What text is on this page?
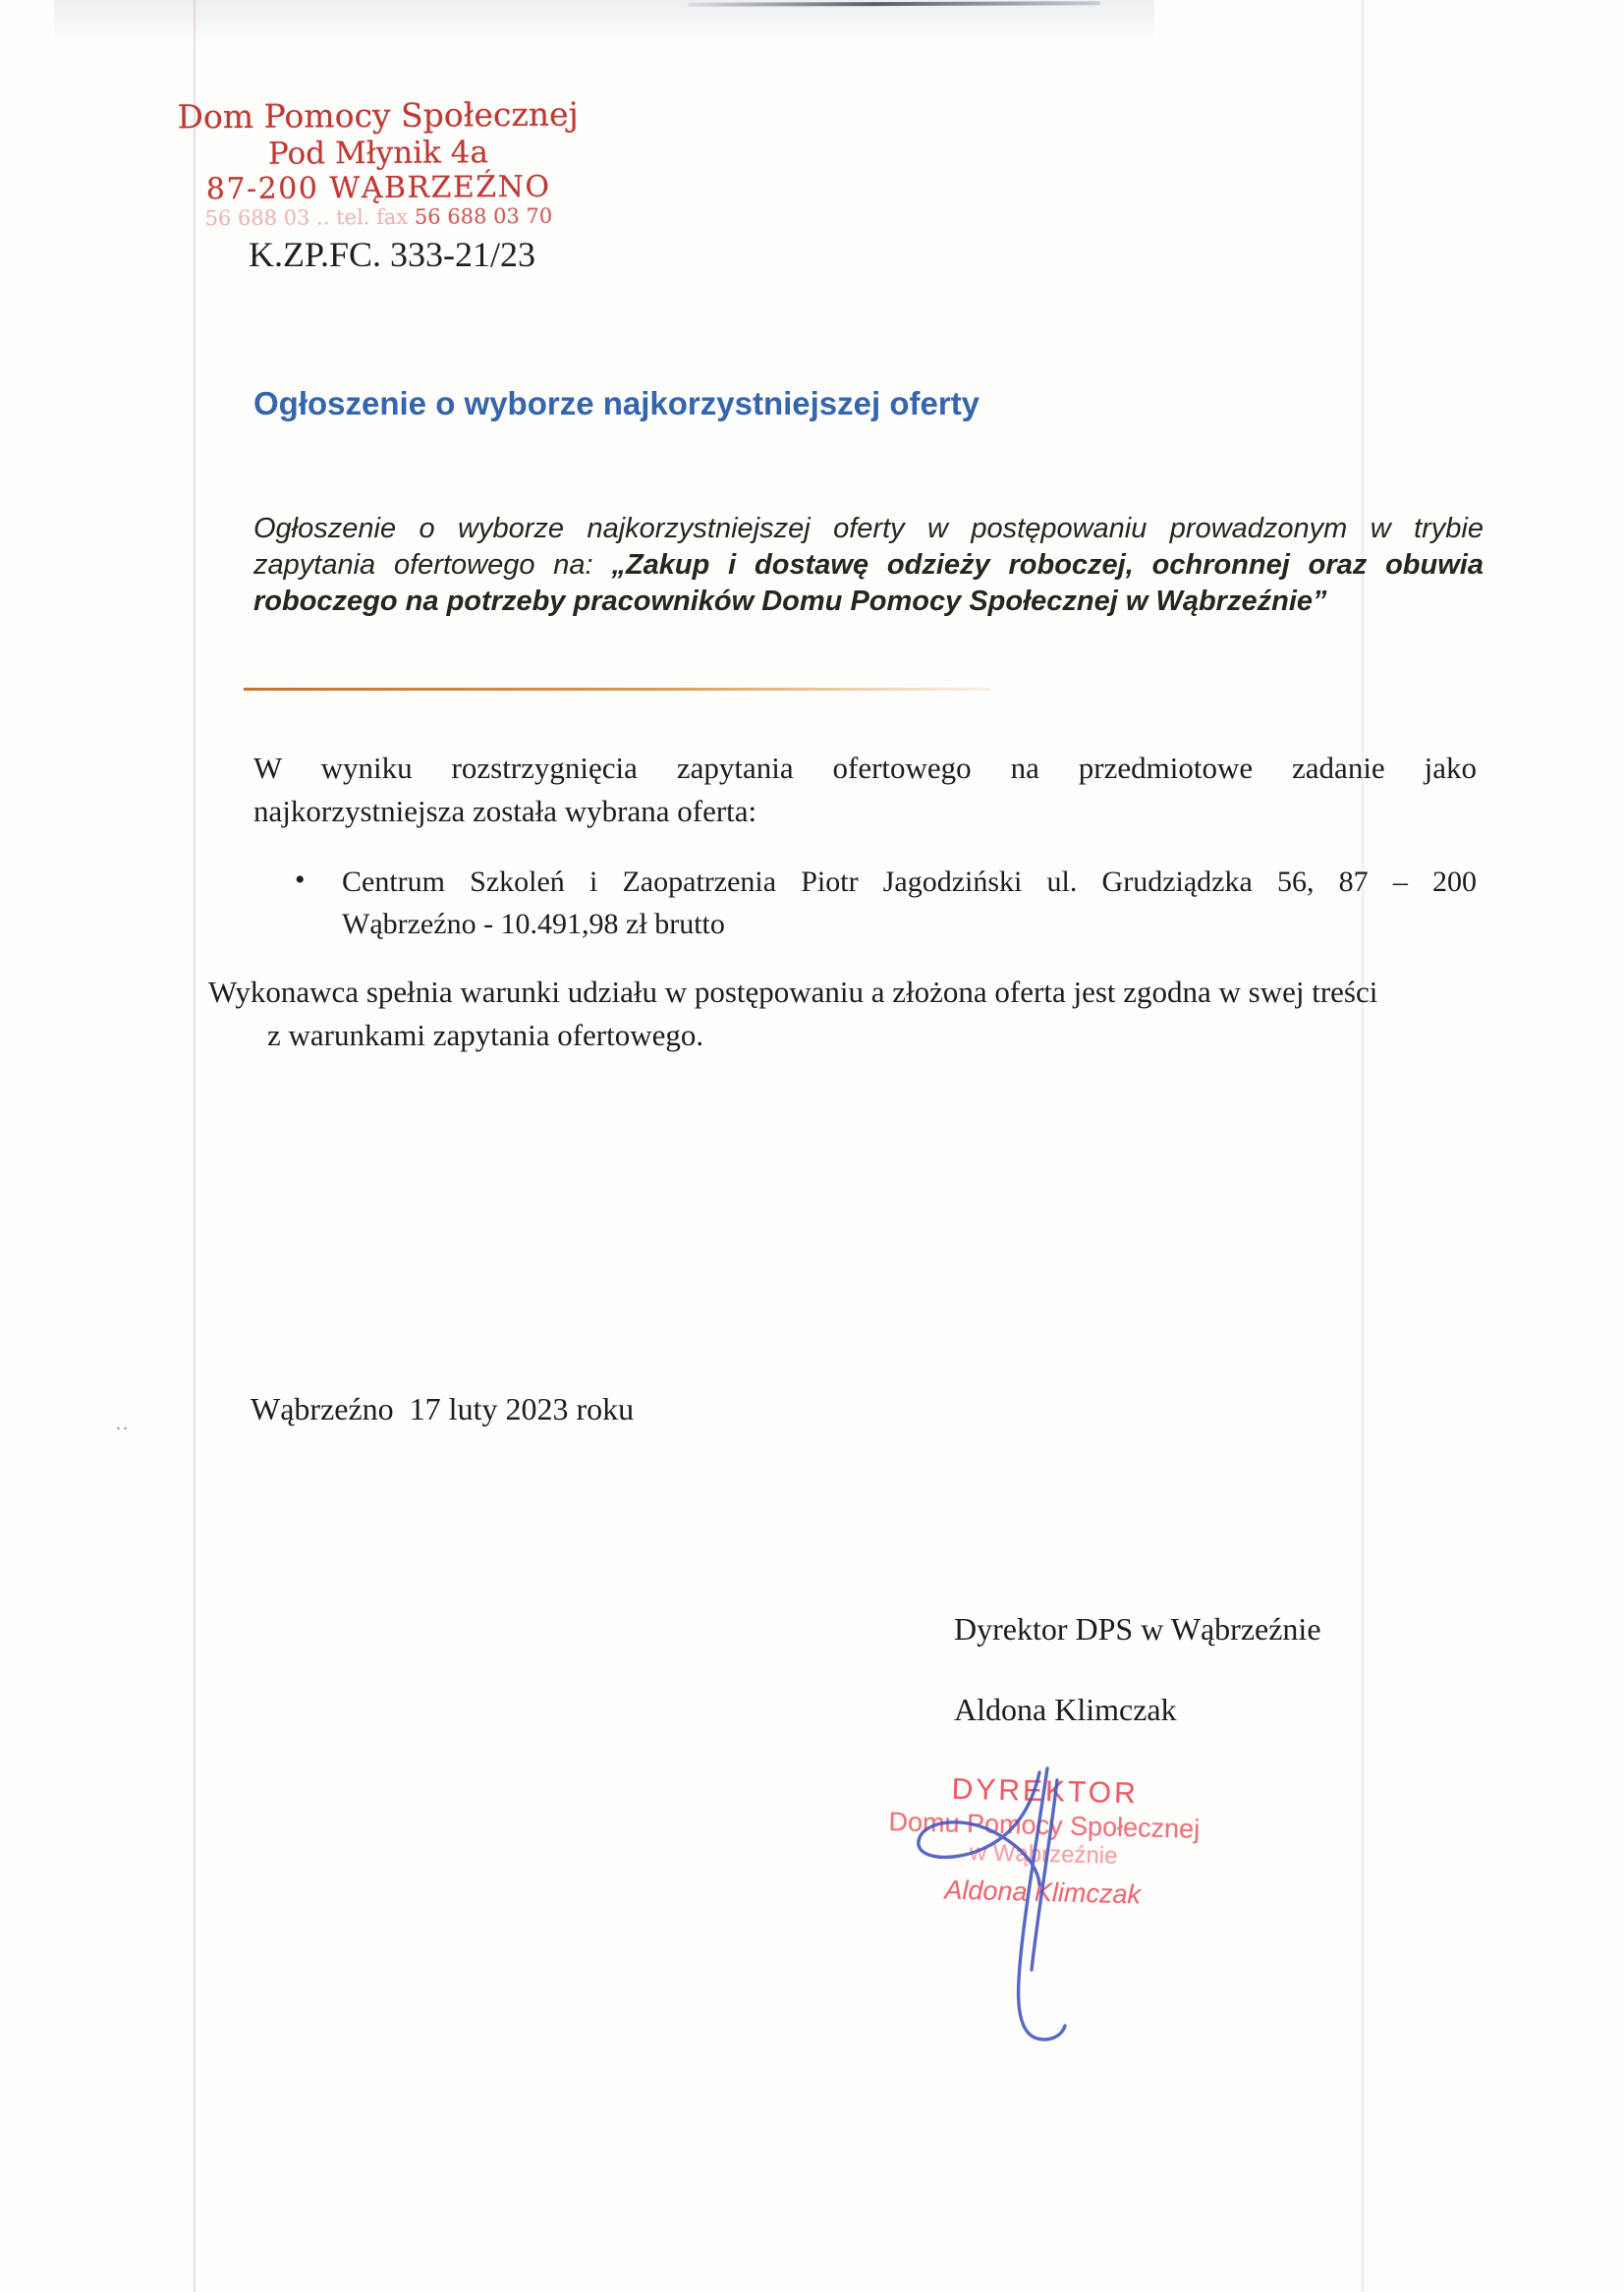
Dom Pomocy Społecznej
Pod Młynik 4a
87-200 WĄBRZEŹNO
56 688 03 .. tel. fax 56 688 03 70
K.ZP.FC. 333-21/23
Ogłoszenie o wyborze najkorzystniejszej oferty
Ogłoszenie o wyborze najkorzystniejszej oferty w postępowaniu prowadzonym w trybie
zapytania ofertowego na: „Zakup i dostawę odzieży roboczej, ochronnej oraz obuwia
roboczego na potrzeby pracowników Domu Pomocy Społecznej w Wąbrzeźnie”
W wyniku rozstrzygnięcia zapytania ofertowego na przedmiotowe zadanie jako
najkorzystniejsza została wybrana oferta:
• Centrum Szkoleń i Zaopatrzenia Piotr Jagodziński ul. Grudziądzka 56, 87 – 200
Wąbrzeźno - 10.491,98 zł brutto
Wykonawca spełnia warunki udziału w postępowaniu a złożona oferta jest zgodna w swej treści
z warunkami zapytania ofertowego.
..	Wąbrzeźno  17 luty 2023 roku
Dyrektor DPS w Wąbrzeźnie
Aldona Klimczak
DYREKTOR
Domu Pomocy Społecznej
w Wąbrzeźnie
Aldona Klimczak
